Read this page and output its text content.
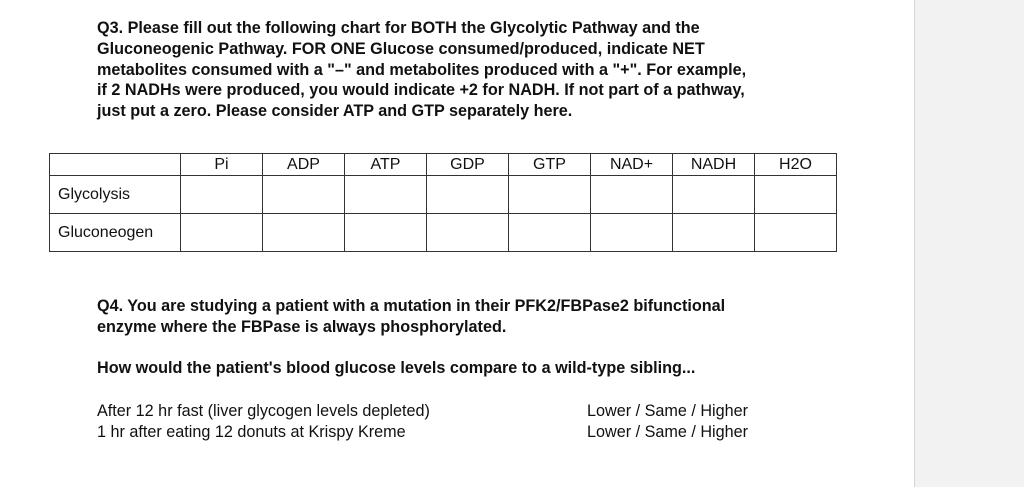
Q3. Please fill out the following chart for BOTH the Glycolytic Pathway and the
Gluconeogenic Pathway. FOR ONE Glucose consumed/produced, indicate NET
metabolites consumed with a "–" and metabolites produced with a "+". For example,
if 2 NADHs were produced, you would indicate +2 for NADH. If not part of a pathway,
just put a zero. Please consider ATP and GTP separately here.

	Pi	ADP	ATP	GDP	GTP	NAD+	NADH	H2O
Glycolysis								
Gluconeogen								

Q4. You are studying a patient with a mutation in their PFK2/FBPase2 bifunctional
enzyme where the FBPase is always phosphorylated.

How would the patient's blood glucose levels compare to a wild-type sibling...

After 12 hr fast (liver glycogen levels depleted)	Lower / Same / Higher
1 hr after eating 12 donuts at Krispy Kreme	Lower / Same / Higher
